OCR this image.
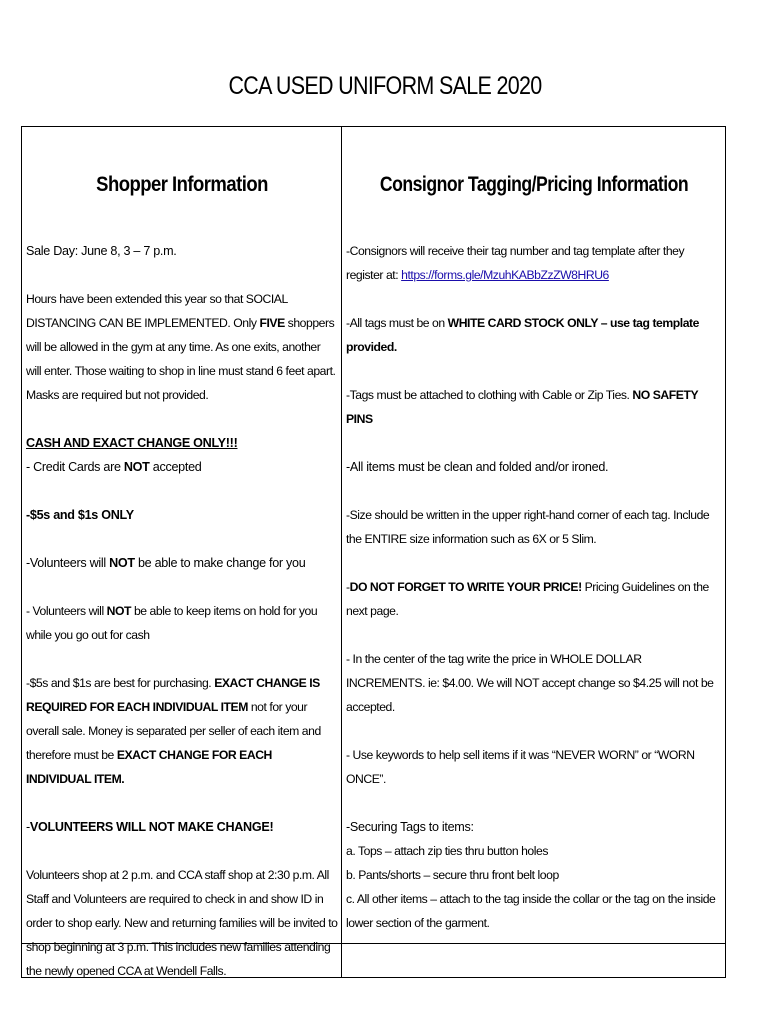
CCA USED UNIFORM SALE 2020
Shopper Information

Sale Day: June 8, 3 – 7 p.m.

Hours have been extended this year so that SOCIAL DISTANCING CAN BE IMPLEMENTED. Only FIVE shoppers will be allowed in the gym at any time. As one exits, another will enter. Those waiting to shop in line must stand 6 feet apart. Masks are required but not provided.

CASH AND EXACT CHANGE ONLY!!!

- Credit Cards are NOT accepted

-$5s and $1s ONLY

-Volunteers will NOT be able to make change for you

- Volunteers will NOT be able to keep items on hold for you while you go out for cash

-$5s and $1s are best for purchasing. EXACT CHANGE IS REQUIRED FOR EACH INDIVIDUAL ITEM not for your overall sale. Money is separated per seller of each item and therefore must be EXACT CHANGE FOR EACH INDIVIDUAL ITEM.

-VOLUNTEERS WILL NOT MAKE CHANGE!

Volunteers shop at 2 p.m. and CCA staff shop at 2:30 p.m. All Staff and Volunteers are required to check in and show ID in order to shop early. New and returning families will be invited to shop beginning at 3 p.m. This includes new families attending the newly opened CCA at Wendell Falls.

Consignor Tagging/Pricing Information

-Consignors will receive their tag number and tag template after they register at: https://forms.gle/MzuhKABbZzZW8HRU6

-All tags must be on WHITE CARD STOCK ONLY – use tag template provided.

-Tags must be attached to clothing with Cable or Zip Ties. NO SAFETY PINS

-All items must be clean and folded and/or ironed.

-Size should be written in the upper right-hand corner of each tag. Include the ENTIRE size information such as 6X or 5 Slim.

-DO NOT FORGET TO WRITE YOUR PRICE! Pricing Guidelines on the next page.

- In the center of the tag write the price in WHOLE DOLLAR INCREMENTS. ie: $4.00. We will NOT accept change so $4.25 will not be accepted.

- Use keywords to help sell items if it was “NEVER WORN” or “WORN ONCE”.

-Securing Tags to items:

a. Tops – attach zip ties thru button holes

b. Pants/shorts – secure thru front belt loop

c. All other items – attach to the tag inside the collar or the tag on the inside lower section of the garment.
